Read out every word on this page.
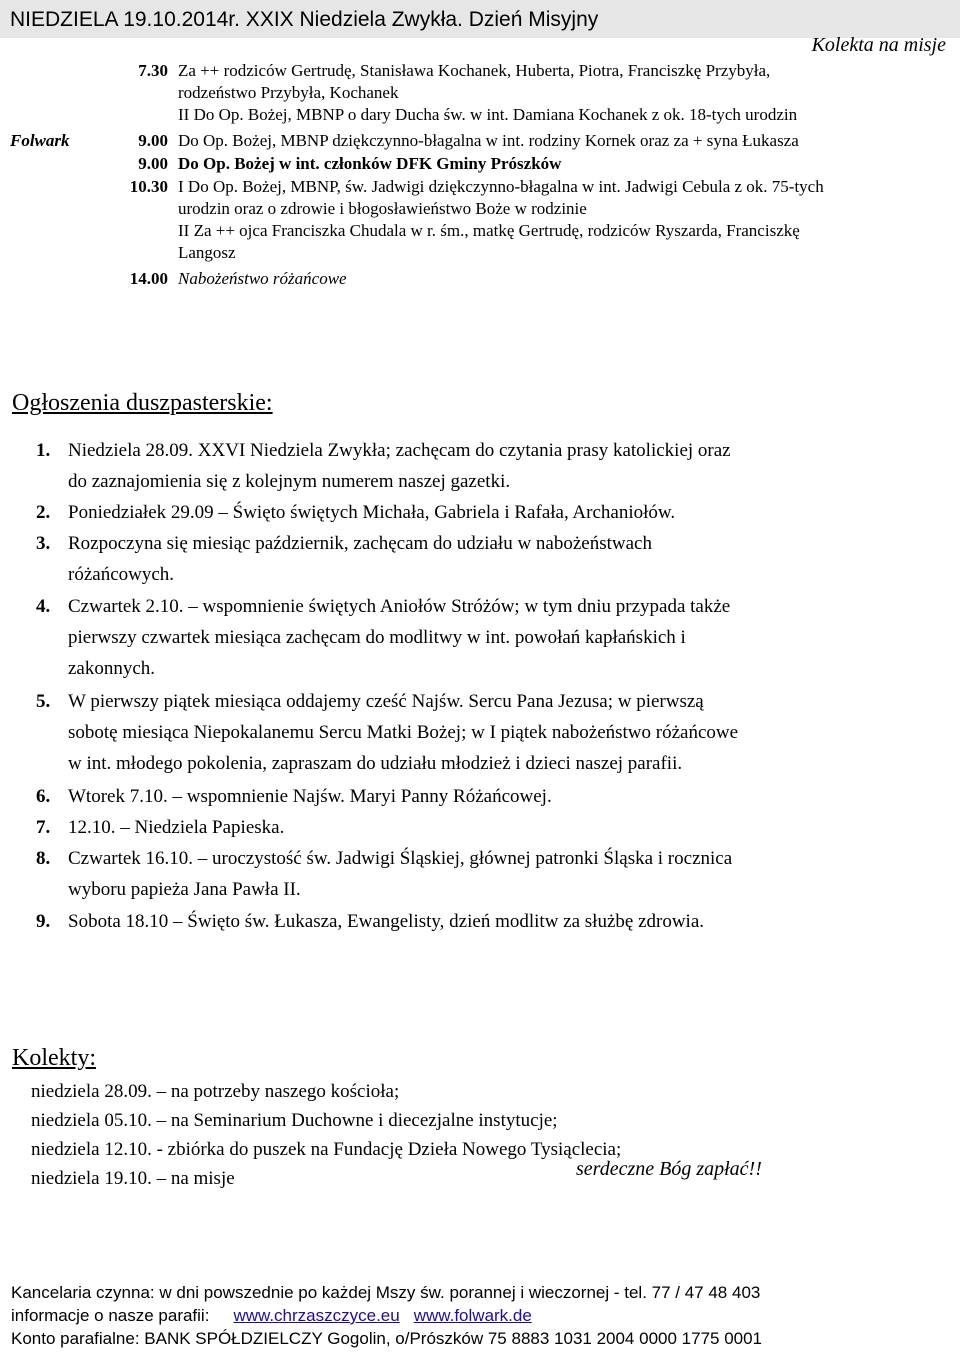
NIEDZIELA 19.10.2014r. XXIX Niedziela Zwykła. Dzień Misyjny
Kolekta na misje
7.30 Za ++ rodziców Gertrudę, Stanisława Kochanek, Huberta, Piotra, Franciszkę Przybyła,
rodzeństwo Przybyła, Kochanek
II Do Op. Bożej, MBNP o dary Ducha św. w int. Damiana Kochanek z ok. 18-tych urodzin
Folwark	9.00 Do Op. Bożej, MBNP dziękczynno-błagalna w int. rodziny Kornek oraz za + syna Łukasza
9.00 Do Op. Bożej w int. członków DFK Gminy Prószków
10.30 I Do Op. Bożej, MBNP, św. Jadwigi dziękczynno-błagalna w int. Jadwigi Cebula z ok. 75-tych
urodzin oraz o zdrowie i błogosławieństwo Boże w rodzinie
II Za ++ ojca Franciszka Chudala w r. śm., matkę Gertrudę, rodziców Ryszarda, Franciszkę
Langosz
14.00 Nabożeństwo różańcowe
Ogłoszenia duszpasterskie:
1. Niedziela 28.09. XXVI Niedziela Zwykła; zachęcam do czytania prasy katolickiej oraz
do zaznajomienia się z kolejnym numerem naszej gazetki.
2. Poniedziałek 29.09 – Święto świętych Michała, Gabriela i Rafała, Archaniołów.
3. Rozpoczyna się miesiąc październik, zachęcam do udziału w nabożeństwach
różańcowych.
4. Czwartek 2.10. – wspomnienie świętych Aniołów Stróżów; w tym dniu przypada także
pierwszy czwartek miesiąca zachęcam do modlitwy w int. powołań kapłańskich i
zakonnych.
5. W pierwszy piątek miesiąca oddajemy cześć Najśw. Sercu Pana Jezusa; w pierwszą
sobotę miesiąca Niepokalanemu Sercu Matki Bożej; w I piątek nabożeństwo różańcowe
w int. młodego pokolenia, zapraszam do udziału młodzież i dzieci naszej parafii.
6. Wtorek 7.10. – wspomnienie Najśw. Maryi Panny Różańcowej.
7. 12.10. – Niedziela Papieska.
8. Czwartek 16.10. – uroczystość św. Jadwigi Śląskiej, głównej patronki Śląska i rocznica
wyboru papieża Jana Pawła II.
9. Sobota 18.10 – Święto św. Łukasza, Ewangelisty, dzień modlitw za służbę zdrowia.
Kolekty:
niedziela 28.09. – na potrzeby naszego kościoła;
niedziela 05.10. – na Seminarium Duchowne i diecezjalne instytucje;
niedziela 12.10. - zbiórka do puszek na Fundację Dzieła Nowego Tysiąclecia;
niedziela 19.10. – na misje	serdeczne Bóg zapłać!!
Kancelaria czynna: w dni powszednie po każdej Mszy św. porannej i wieczornej - tel. 77 / 47 48 403
informacje o nasze parafii: www.chrzaszczyce.eu www.folwark.de
Konto parafialne: BANK SPÓŁDZIELCZY Gogolin, o/Prószków 75 8883 1031 2004 0000 1775 0001
